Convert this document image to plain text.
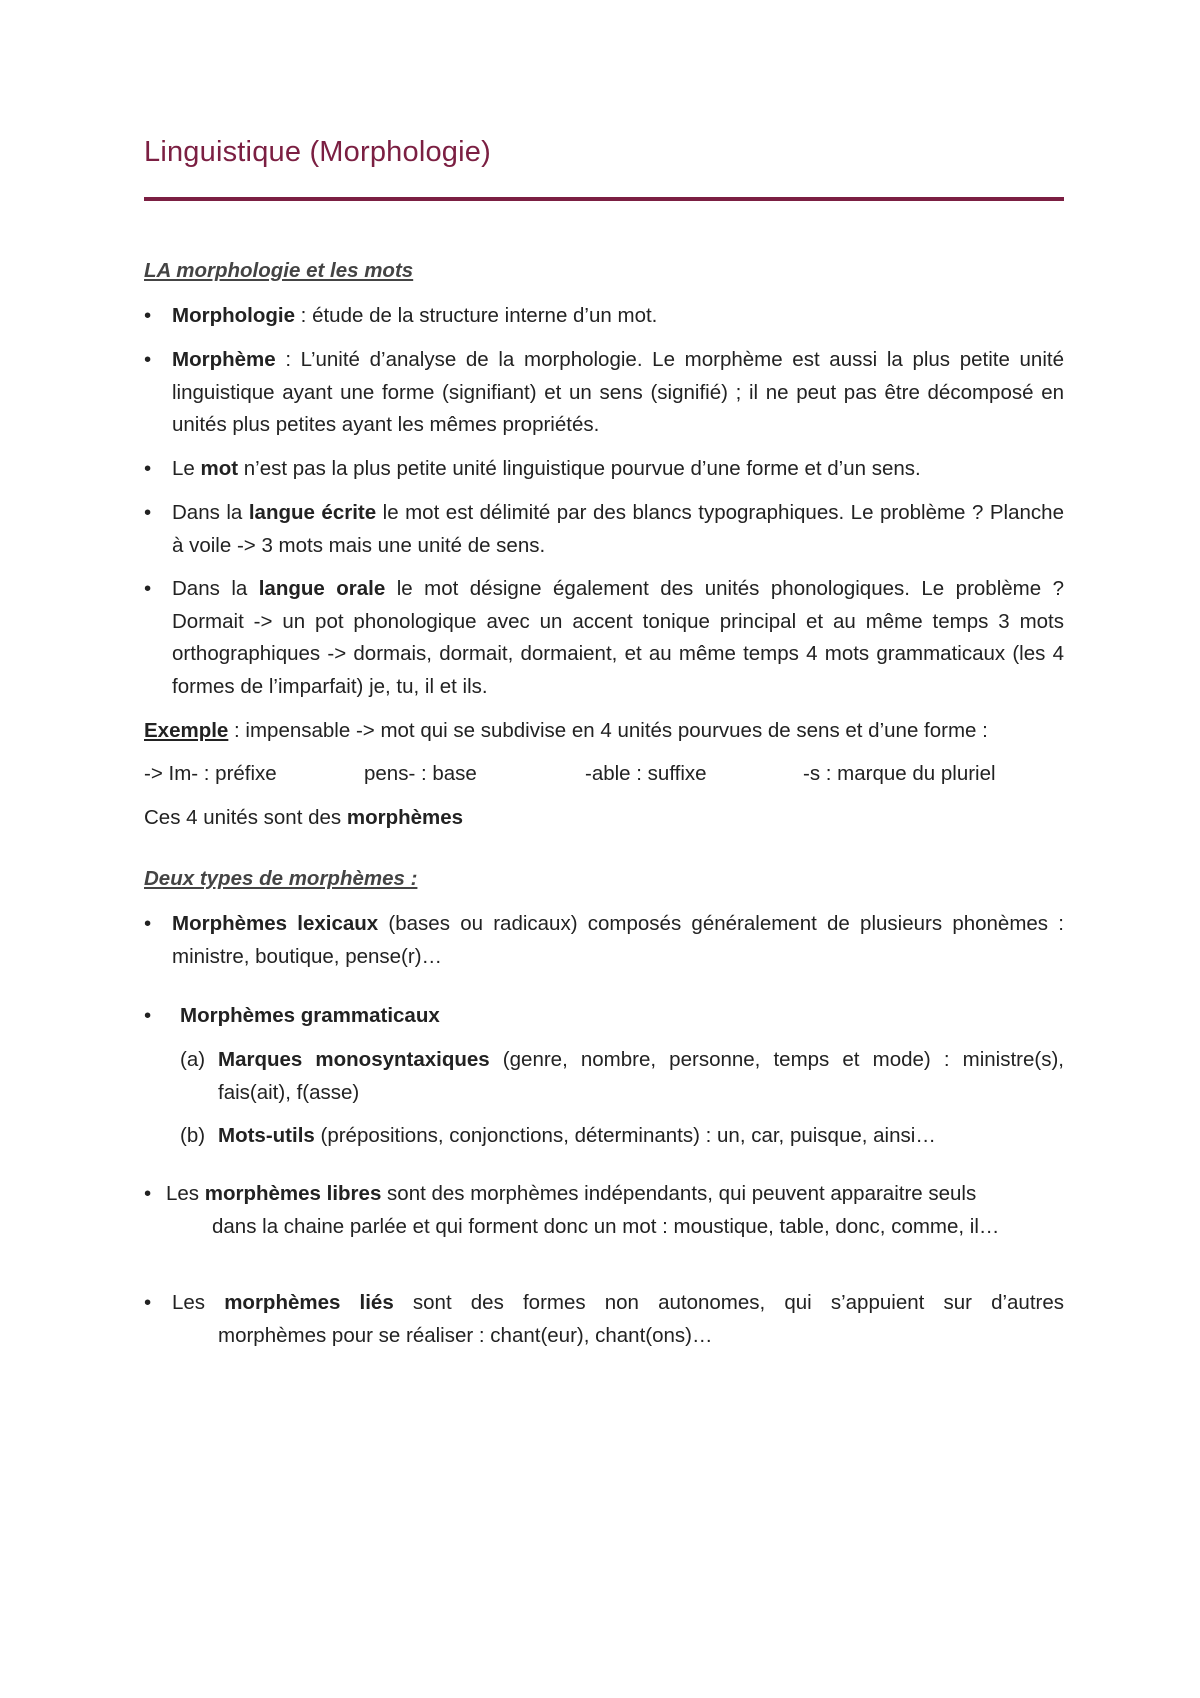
Linguistique (Morphologie)
LA morphologie et les mots
•	Morphologie : étude de la structure interne d’un mot.
•	Morphème : L’unité d’analyse de la morphologie. Le morphème est aussi la plus petite unité linguistique ayant une forme (signifiant) et un sens (signifié) ; il ne peut pas être décomposé en unités plus petites ayant les mêmes propriétés.
•	Le mot n’est pas la plus petite unité linguistique pourvue d’une forme et d’un sens.
•	Dans la langue écrite le mot est délimité par des blancs typographiques. Le problème ? Planche à voile -> 3 mots mais une unité de sens.
•	Dans la langue orale le mot désigne également des unités phonologiques. Le problème ? Dormait -> un pot phonologique avec un accent tonique principal et au même temps 3 mots orthographiques -> dormais, dormait, dormaient, et au même temps 4 mots grammaticaux (les 4 formes de l’imparfait) je, tu, il et ils.
Exemple : impensable -> mot qui se subdivise en 4 unités pourvues de sens et d’une forme :
-> Im- : préfixe	pens- : base	-able : suffixe	-s : marque du pluriel
Ces 4 unités sont des morphèmes
Deux types de morphèmes :
•	Morphèmes lexicaux (bases ou radicaux) composés généralement de plusieurs phonèmes : ministre, boutique, pense(r)…
•	Morphèmes grammaticaux
(a) Marques monosyntaxiques (genre, nombre, personne, temps et mode) : ministre(s), fais(ait), f(asse)
(b) Mots-utils (prépositions, conjonctions, déterminants) : un, car, puisque, ainsi…
• Les morphèmes libres sont des morphèmes indépendants, qui peuvent apparaitre seuls
dans la chaine parlée et qui forment donc un mot : moustique, table, donc, comme, il…
•	Les morphèmes liés sont des formes non autonomes, qui s’appuient sur d’autres
morphèmes pour se réaliser : chant(eur), chant(ons)…
